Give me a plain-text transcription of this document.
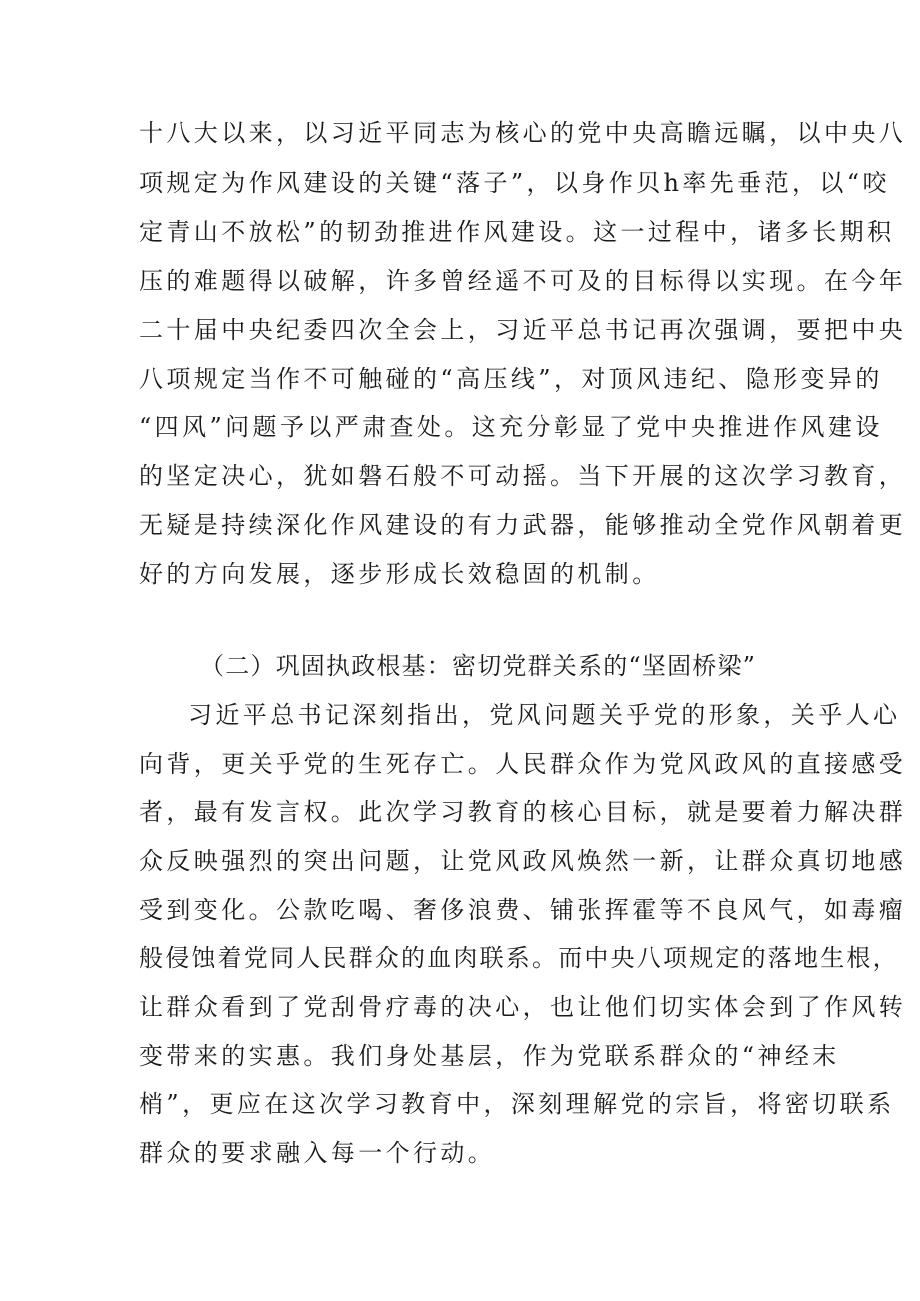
十八大以来，以习近平同志为核心的党中央高瞻远瞩，以中央八
项规定为作风建设的关键“落子”，以身作贝h率先垂范，以“咬
定青山不放松”的韧劲推进作风建设。这一过程中，诸多长期积
压的难题得以破解，许多曾经遥不可及的目标得以实现。在今年
二十届中央纪委四次全会上，习近平总书记再次强调，要把中央
八项规定当作不可触碰的“高压线”，对顶风违纪、隐形变异的
“四风”问题予以严肃查处。这充分彰显了党中央推进作风建设
的坚定决心，犹如磐石般不可动摇。当下开展的这次学习教育，
无疑是持续深化作风建设的有力武器，能够推动全党作风朝着更
好的方向发展，逐步形成长效稳固的机制。
（二）巩固执政根基：密切党群关系的“坚固桥梁”
习近平总书记深刻指出，党风问题关乎党的形象，关乎人心
向背，更关乎党的生死存亡。人民群众作为党风政风的直接感受
者，最有发言权。此次学习教育的核心目标，就是要着力解决群
众反映强烈的突出问题，让党风政风焕然一新，让群众真切地感
受到变化。公款吃喝、奢侈浪费、铺张挥霍等不良风气，如毒瘤
般侵蚀着党同人民群众的血肉联系。而中央八项规定的落地生根，
让群众看到了党刮骨疗毒的决心，也让他们切实体会到了作风转
变带来的实惠。我们身处基层，作为党联系群众的“神经末
梢”，更应在这次学习教育中，深刻理解党的宗旨，将密切联系
群众的要求融入每一个行动。
